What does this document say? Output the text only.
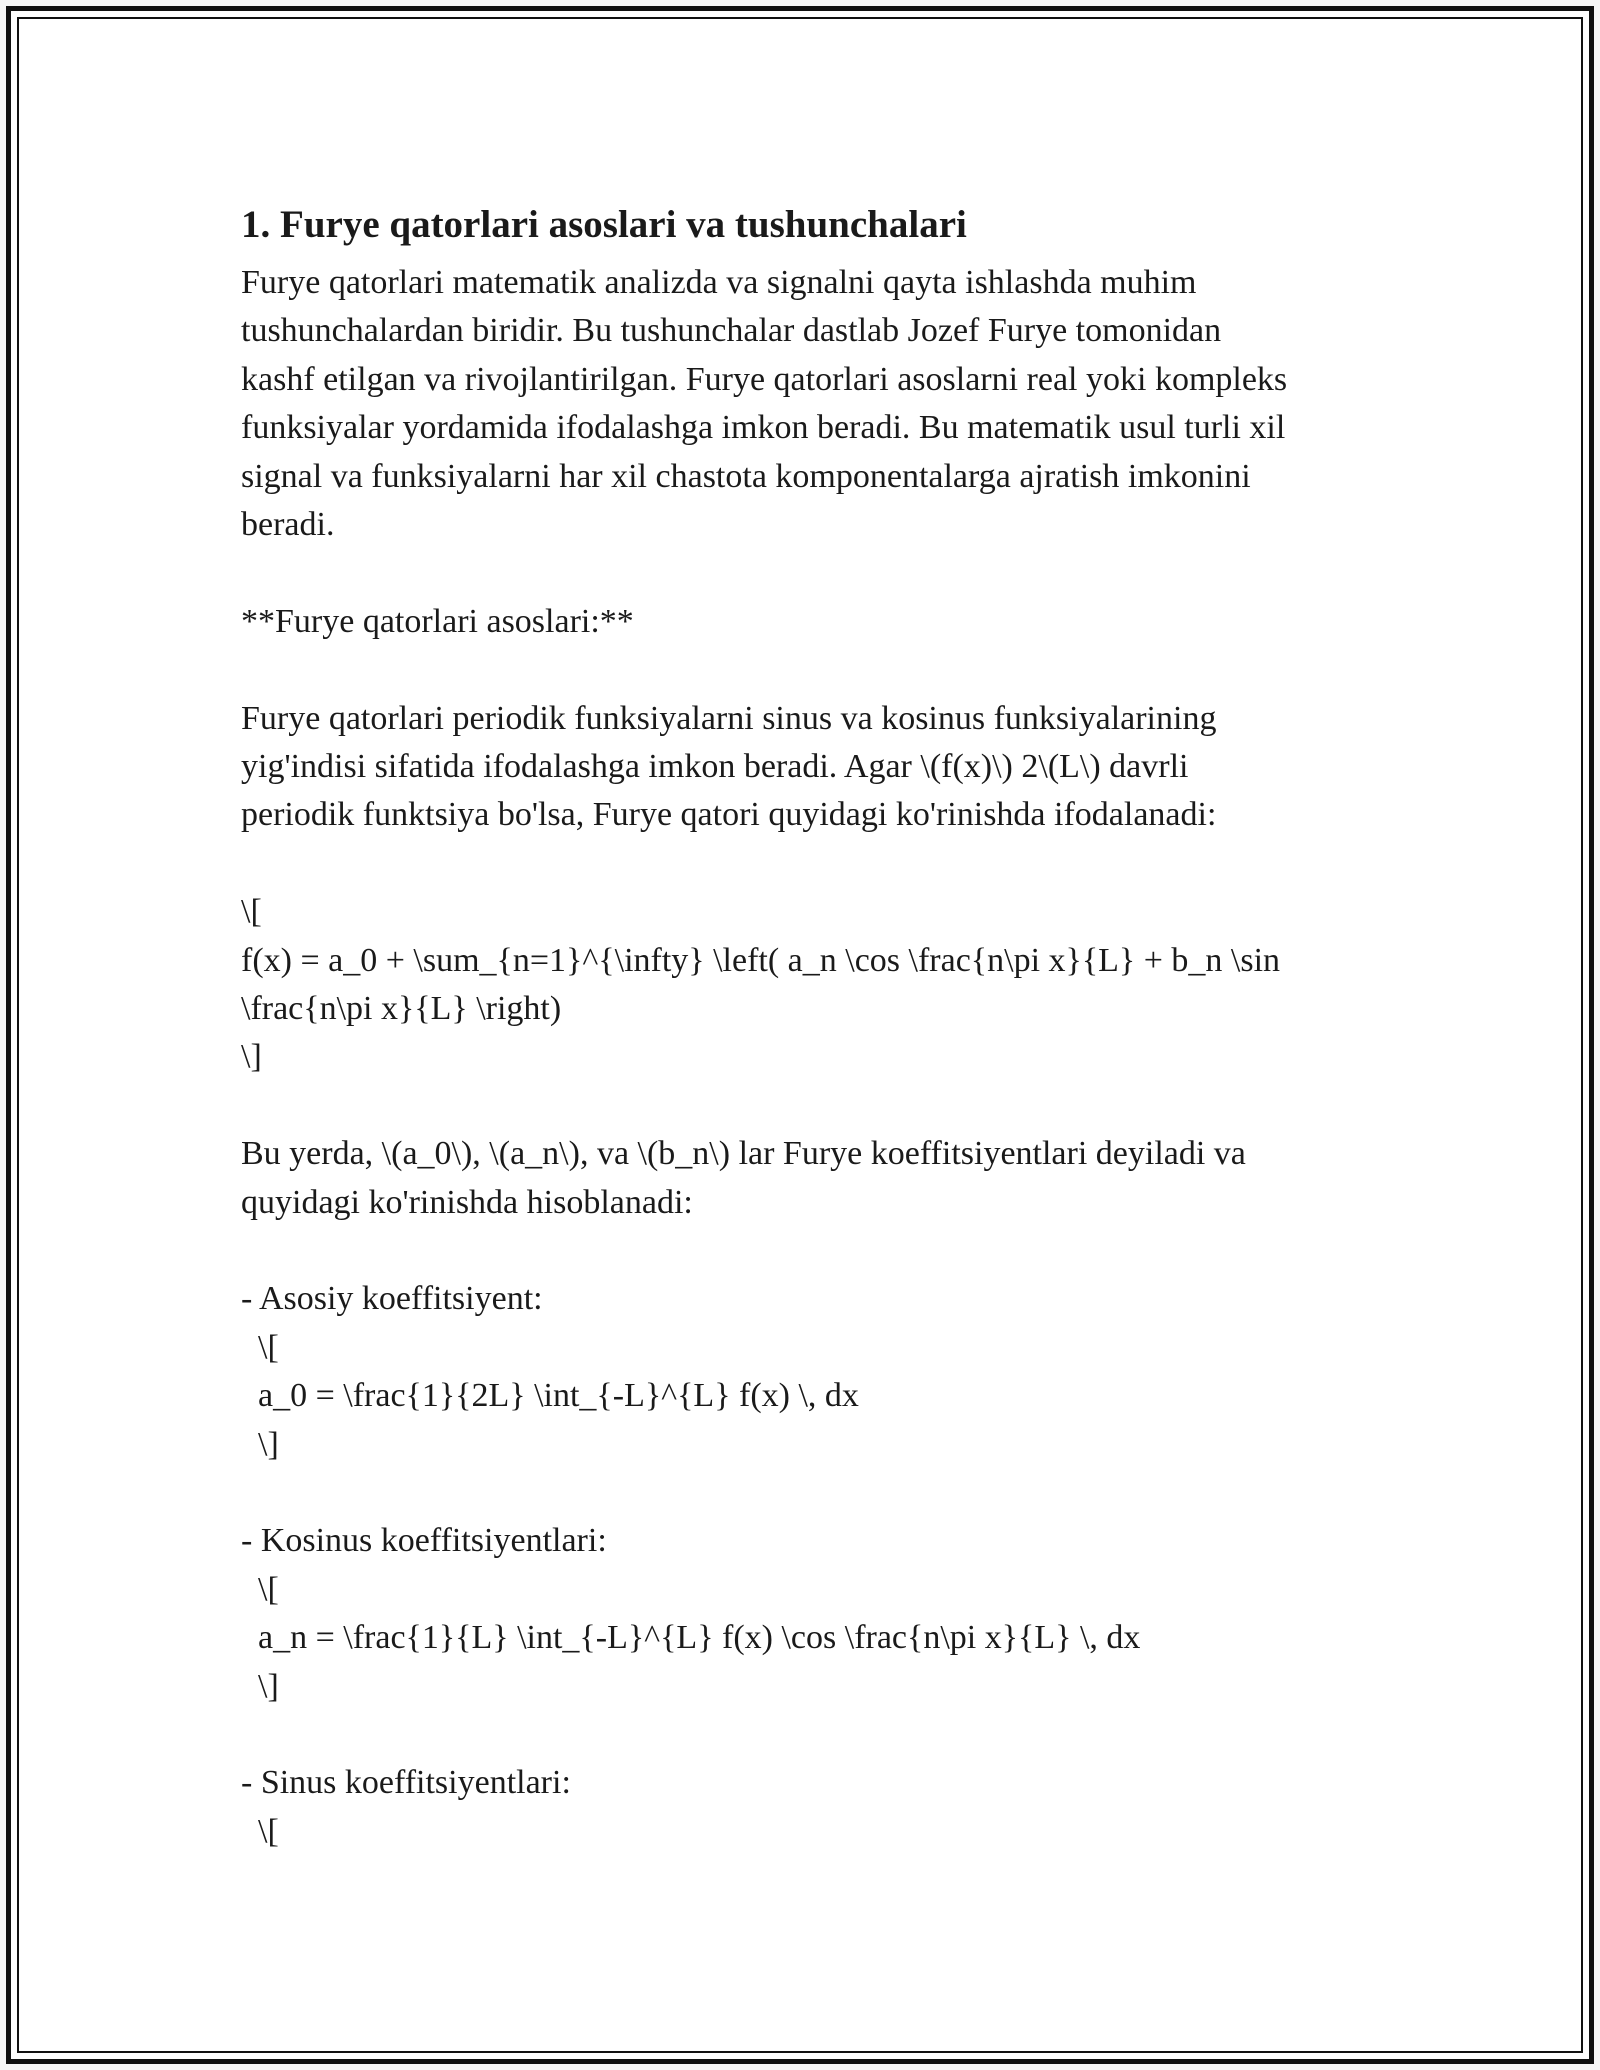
1. Furye qatorlari asoslari va tushunchalari

Furye qatorlari matematik analizda va signalni qayta ishlashda muhim
tushunchalardan biridir. Bu tushunchalar dastlab Jozef Furye tomonidan
kashf etilgan va rivojlantirilgan. Furye qatorlari asoslarni real yoki kompleks
funksiyalar yordamida ifodalashga imkon beradi. Bu matematik usul turli xil
signal va funksiyalarni har xil chastota komponentalarga ajratish imkonini
beradi.

**Furye qatorlari asoslari:**

Furye qatorlari periodik funksiyalarni sinus va kosinus funksiyalarining
yig'indisi sifatida ifodalashga imkon beradi. Agar \(f(x)\) 2\(L\) davrli
periodik funktsiya bo'lsa, Furye qatori quyidagi ko'rinishda ifodalanadi:

\[
f(x) = a_0 + \sum_{n=1}^{\infty} \left( a_n \cos \frac{n\pi x}{L} + b_n \sin
\frac{n\pi x}{L} \right)
\]

Bu yerda, \(a_0\), \(a_n\), va \(b_n\) lar Furye koeffitsiyentlari deyiladi va
quyidagi ko'rinishda hisoblanadi:

- Asosiy koeffitsiyent:
\[
a_0 = \frac{1}{2L} \int_{-L}^{L} f(x) \, dx
\]

- Kosinus koeffitsiyentlari:
\[
a_n = \frac{1}{L} \int_{-L}^{L} f(x) \cos \frac{n\pi x}{L} \, dx
\]

- Sinus koeffitsiyentlari:
\[
